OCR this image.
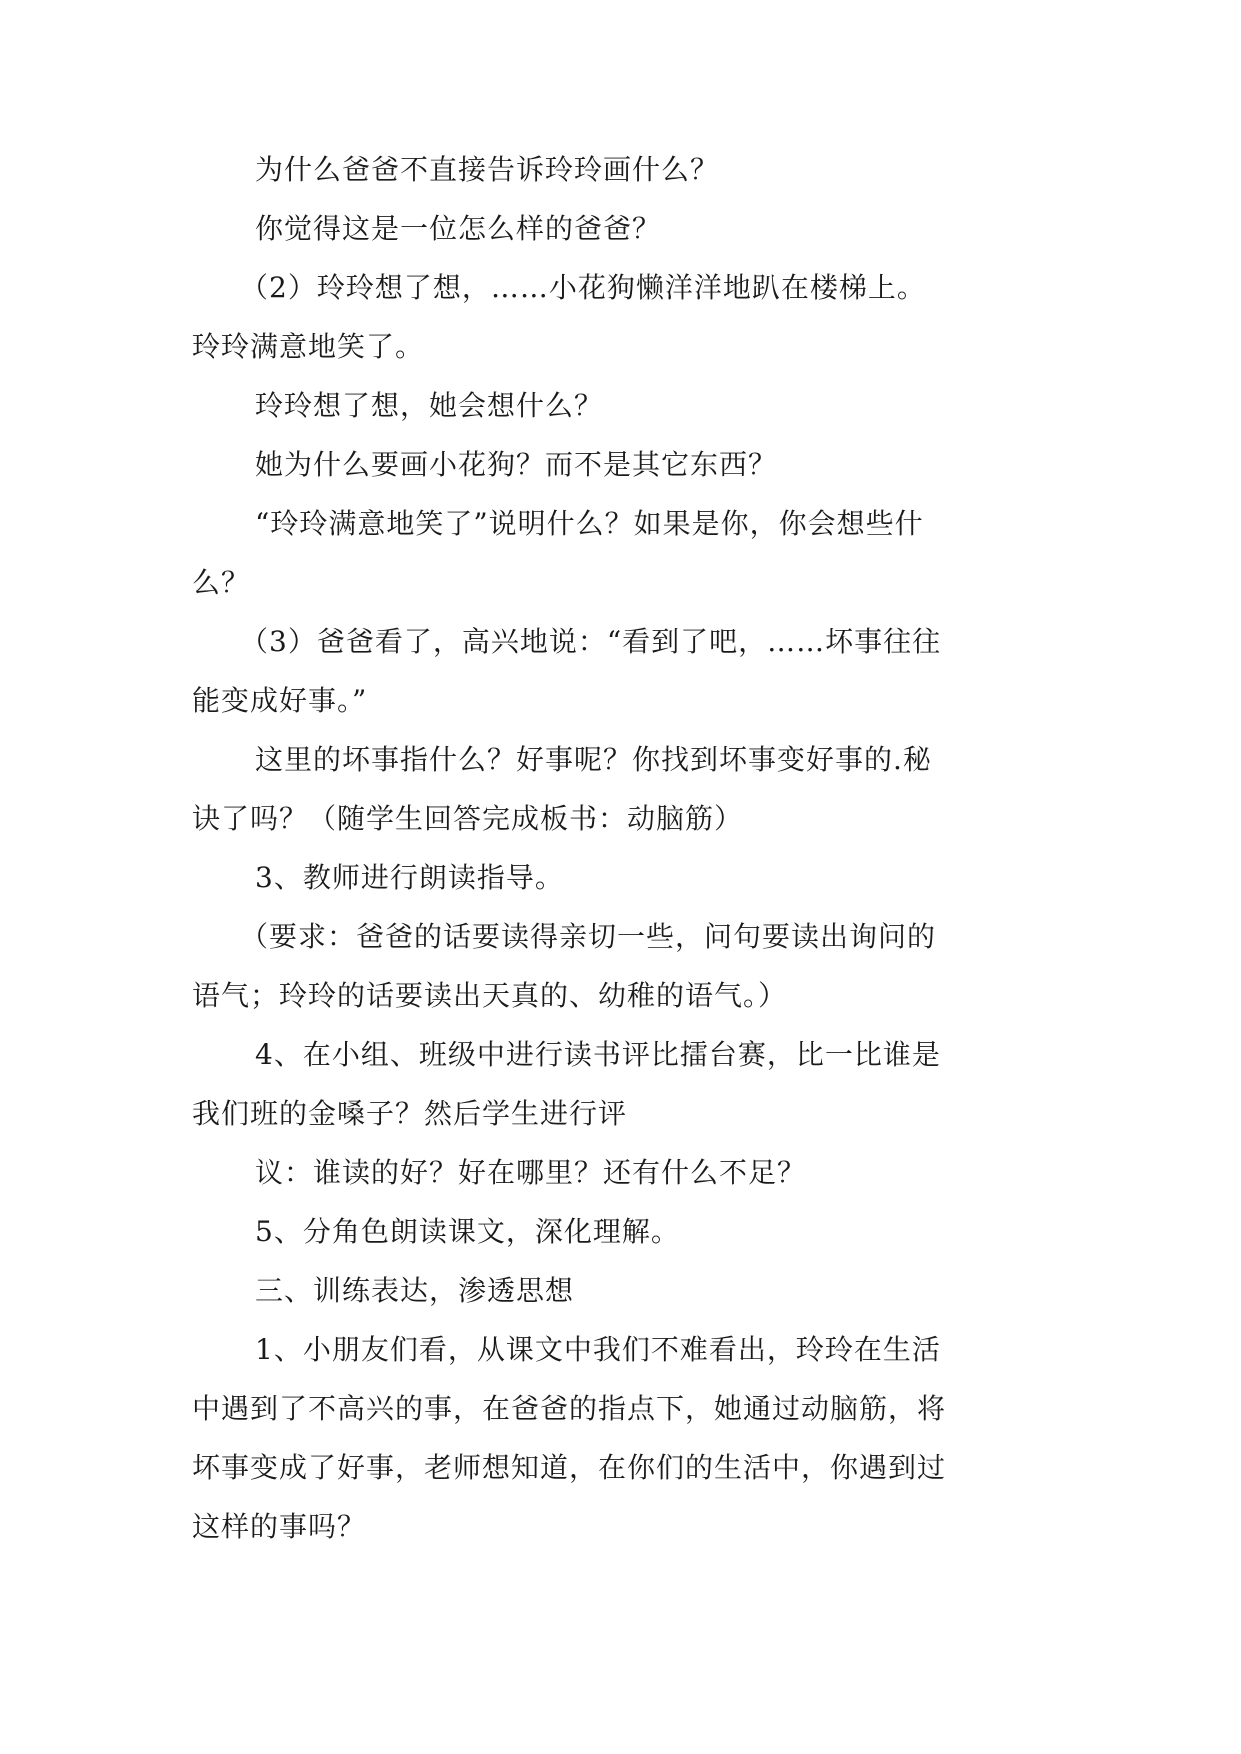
为什么爸爸不直接告诉玲玲画什么？
你觉得这是一位怎么样的爸爸？
（2）玲玲想了想，……小花狗懒洋洋地趴在楼梯上。
玲玲满意地笑了。
玲玲想了想，她会想什么？
她为什么要画小花狗？而不是其它东西？
“玲玲满意地笑了”说明什么？如果是你，你会想些什
么？
（3）爸爸看了，高兴地说：“看到了吧，……坏事往往
能变成好事。”
这里的坏事指什么？好事呢？你找到坏事变好事的.秘
诀了吗？（随学生回答完成板书：动脑筋）
3、教师进行朗读指导。
（要求：爸爸的话要读得亲切一些，问句要读出询问的
语气；玲玲的话要读出天真的、幼稚的语气。）
4、在小组、班级中进行读书评比擂台赛，比一比谁是
我们班的金嗓子？然后学生进行评
议：谁读的好？好在哪里？还有什么不足？
5、分角色朗读课文，深化理解。
三、训练表达，渗透思想
1、小朋友们看，从课文中我们不难看出，玲玲在生活
中遇到了不高兴的事，在爸爸的指点下，她通过动脑筋，将
坏事变成了好事，老师想知道，在你们的生活中，你遇到过
这样的事吗？
